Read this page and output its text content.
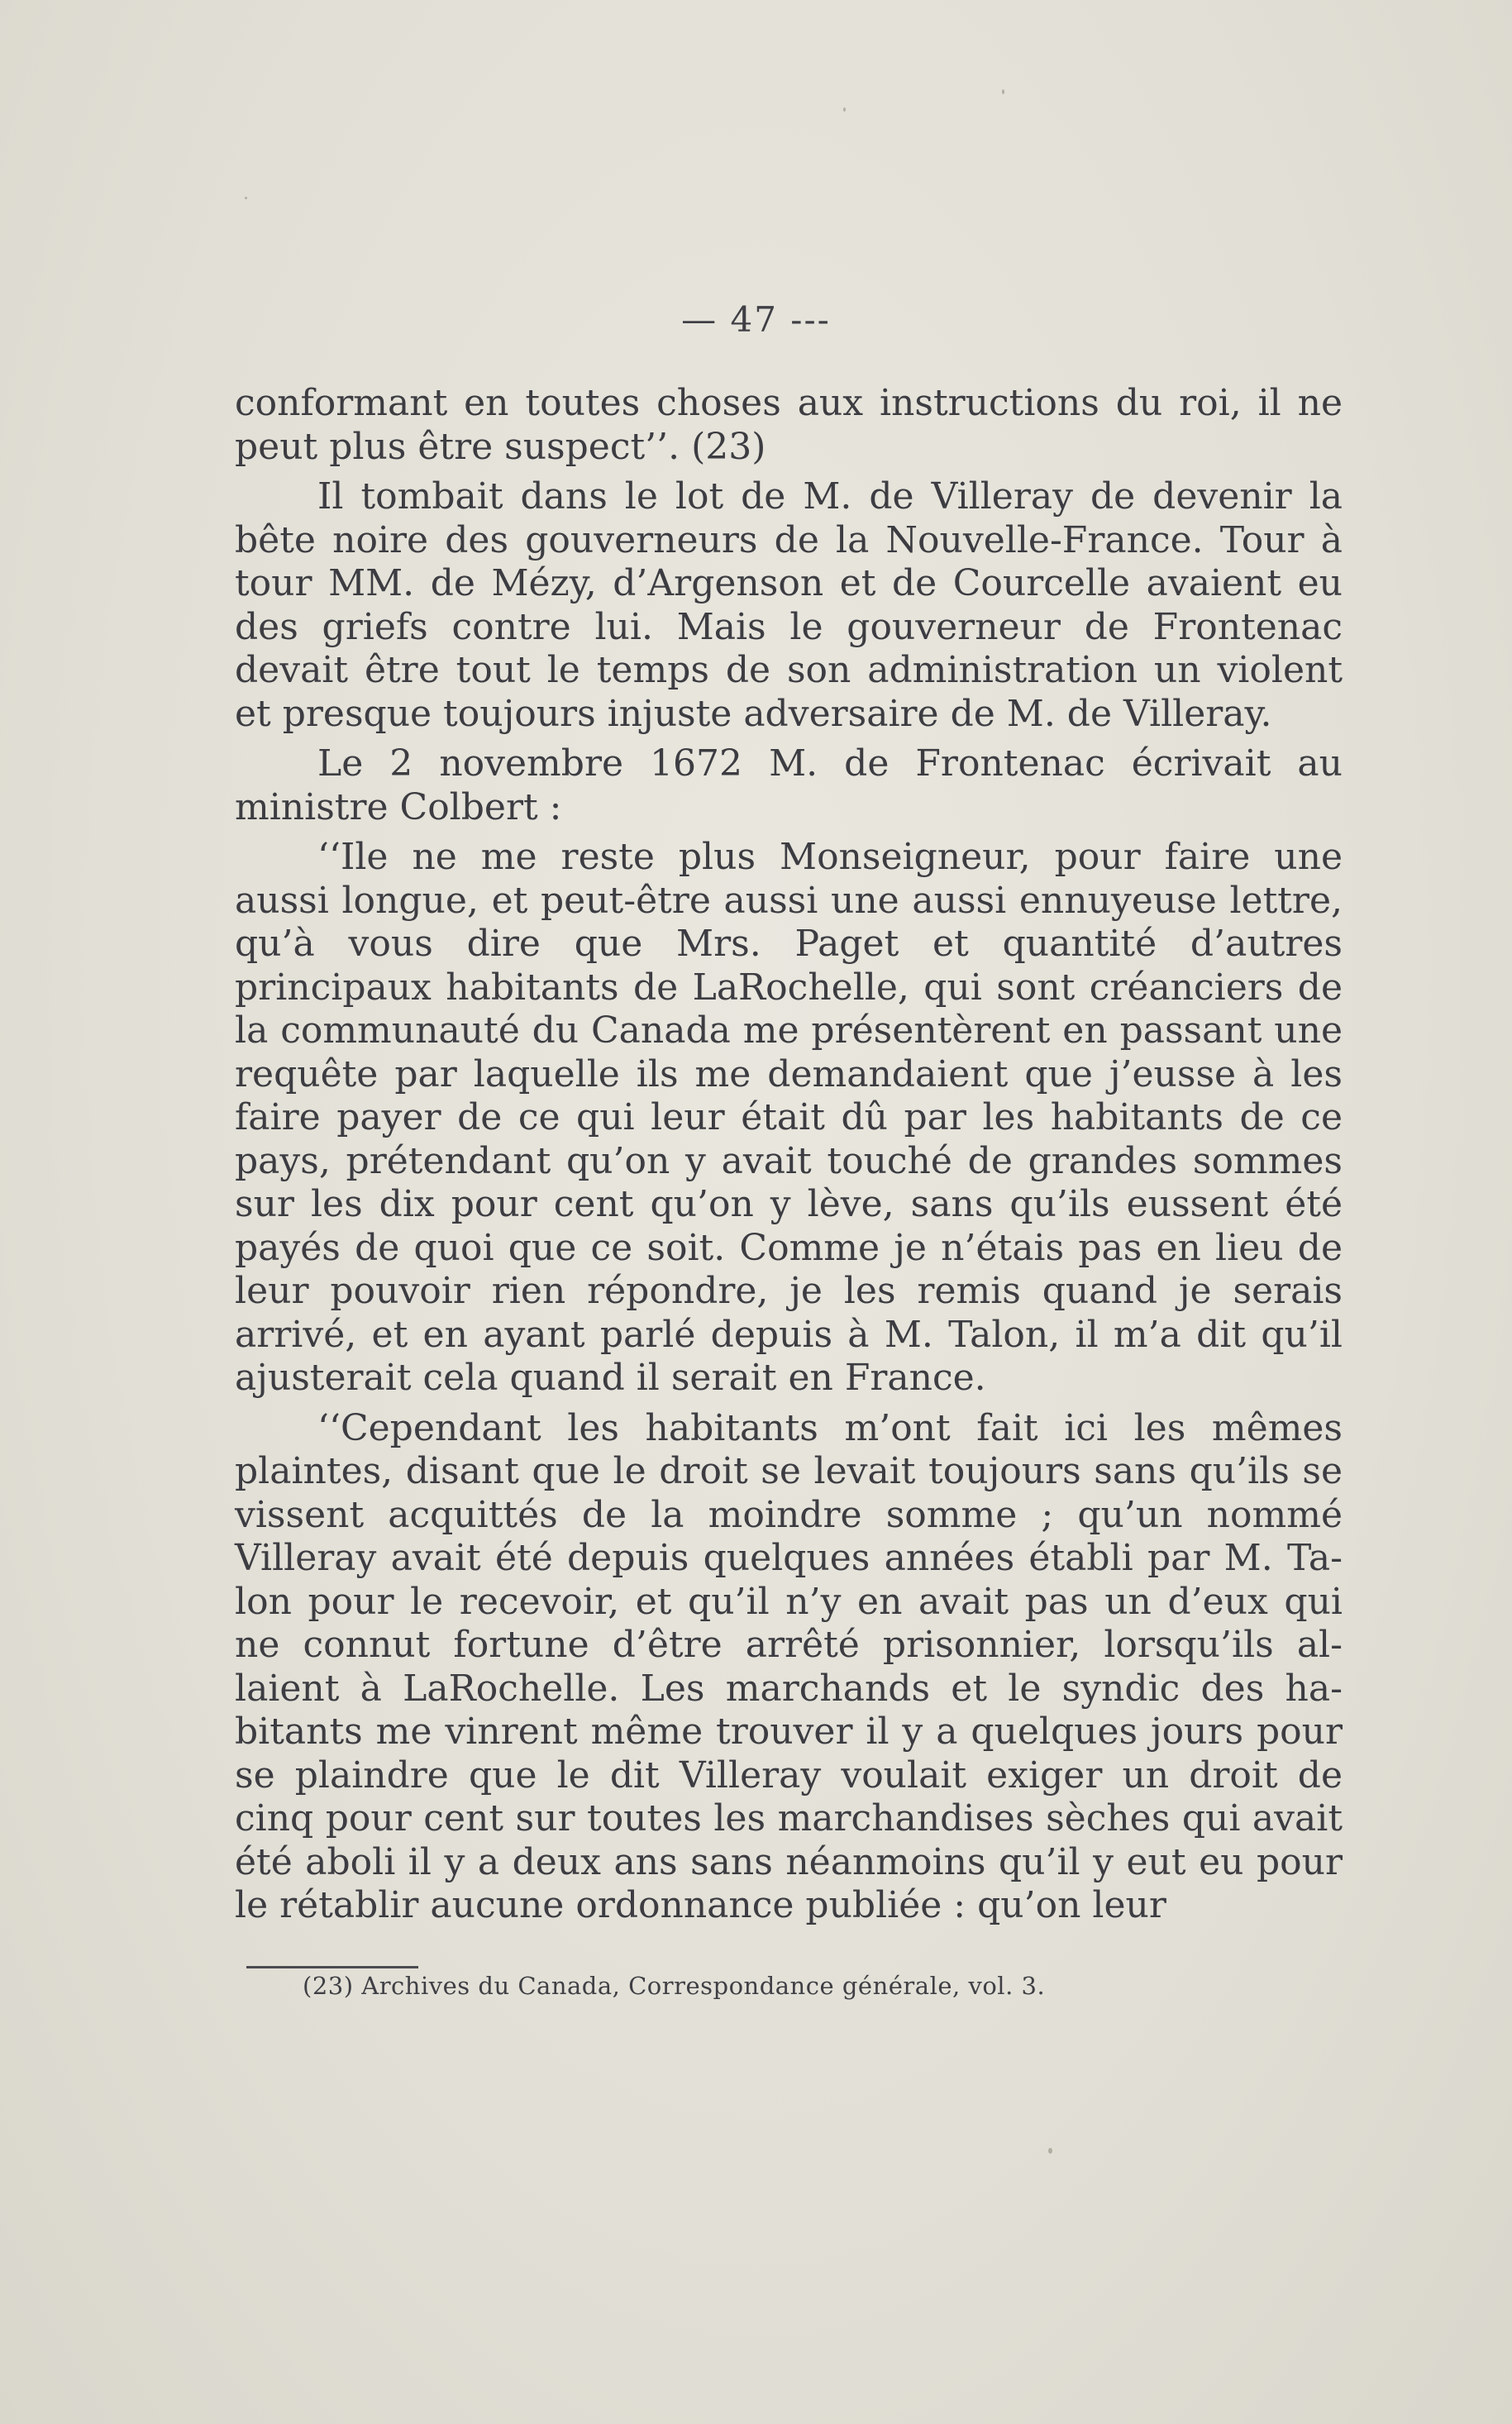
— 47 ---

conformant en toutes choses aux instructions du roi, il ne peut plus être suspect’’. (23)

Il tombait dans le lot de M. de Villeray de devenir la bête noire des gouverneurs de la Nouvelle-France. Tour à tour MM. de Mézy, d’Argenson et de Courcelle avaient eu des griefs contre lui. Mais le gouverneur de Frontenac devait être tout le temps de son administration un violent et presque toujours injuste adversaire de M. de Villeray.

Le 2 novembre 1672 M. de Frontenac écrivait au ministre Colbert :

‘‘Ile ne me reste plus Monseigneur, pour faire une aussi longue, et peut-être aussi une aussi ennuyeuse lettre, qu’à vous dire que Mrs. Paget et quantité d’autres principaux habitants de LaRochelle, qui sont créanciers de la communauté du Canada me présentèrent en passant une requête par laquelle ils me demandaient que j’eusse à les faire payer de ce qui leur était dû par les habitants de ce pays, prétendant qu’on y avait touché de grandes sommes sur les dix pour cent qu’on y lève, sans qu’ils eussent été payés de quoi que ce soit. Comme je n’étais pas en lieu de leur pouvoir rien répondre, je les remis quand je serais arrivé, et en ayant parlé depuis à M. Talon, il m’a dit qu’il ajusterait cela quand il serait en France.

‘‘Cependant les habitants m’ont fait ici les mêmes plaintes, disant que le droit se levait toujours sans qu’ils se vissent acquittés de la moindre somme ; qu’un nommé Villeray avait été depuis quelques années établi par M. Talon pour le recevoir, et qu’il n’y en avait pas un d’eux qui ne connut fortune d’être arrêté prisonnier, lorsqu’ils allaient à LaRochelle. Les marchands et le syndic des habitants me vinrent même trouver il y a quelques jours pour se plaindre que le dit Villeray voulait exiger un droit de cinq pour cent sur toutes les marchandises sèches qui avait été aboli il y a deux ans sans néanmoins qu’il y eut eu pour le rétablir aucune ordonnance publiée : qu’on leur

(23) Archives du Canada, Correspondance générale, vol. 3.
